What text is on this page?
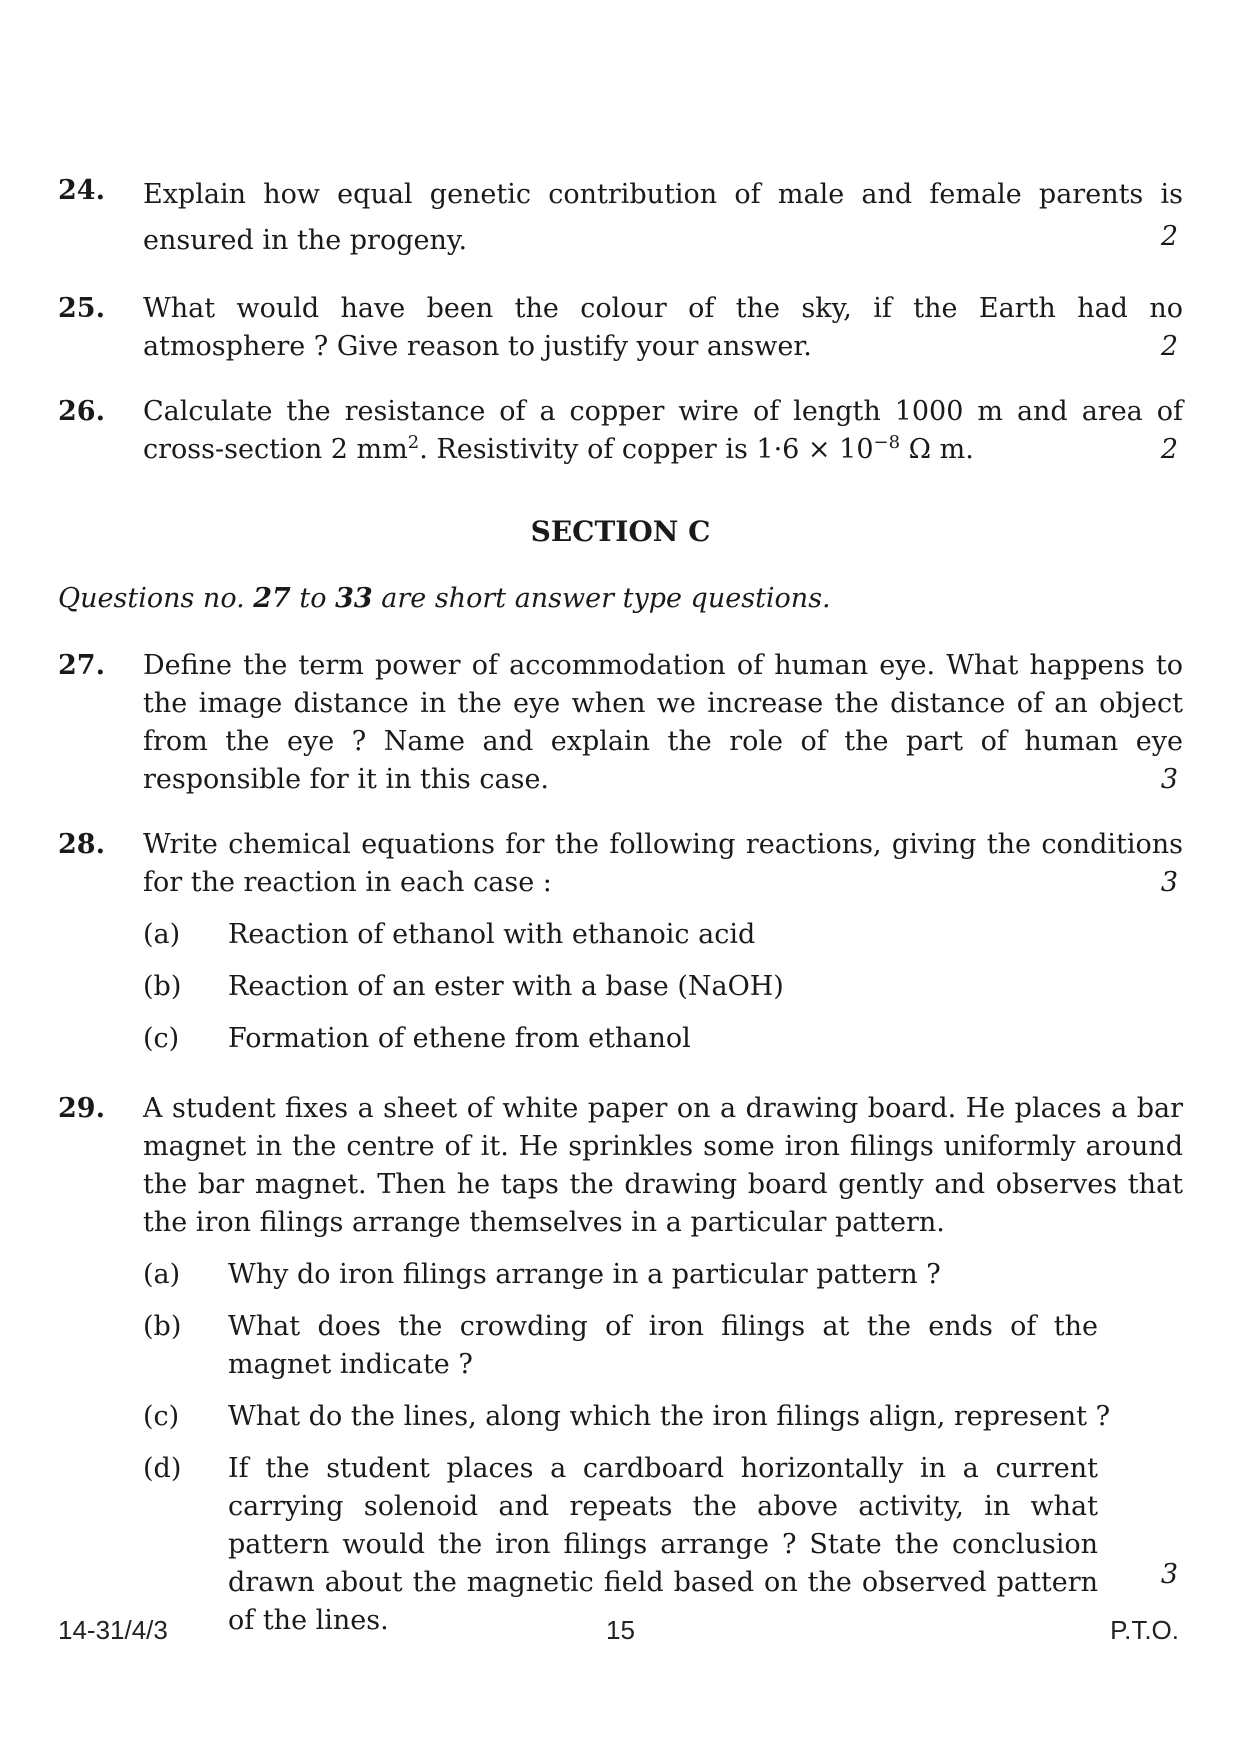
24. Explain how equal genetic contribution of male and female parents is ensured in the progeny.	2
25. What would have been the colour of the sky, if the Earth had no atmosphere ? Give reason to justify your answer.	2
26. Calculate the resistance of a copper wire of length 1000 m and area of cross-section 2 $mm^2$. Resistivity of copper is $1\cdot 6 \times 10^{-8}$ Ω m.	2
SECTION C
Questions no. 27 to 33 are short answer type questions.
27. Define the term power of accommodation of human eye. What happens to the image distance in the eye when we increase the distance of an object from the eye ? Name and explain the role of the part of human eye responsible for it in this case.	3
28. Write chemical equations for the following reactions, giving the conditions for the reaction in each case :	3
(a)	Reaction of ethanol with ethanoic acid
(b)	Reaction of an ester with a base (NaOH)
(c)	Formation of ethene from ethanol
29. A student fixes a sheet of white paper on a drawing board. He places a bar magnet in the centre of it. He sprinkles some iron filings uniformly around the bar magnet. Then he taps the drawing board gently and observes that the iron filings arrange themselves in a particular pattern.
(a)	Why do iron filings arrange in a particular pattern ?
(b)	What does the crowding of iron filings at the ends of the magnet indicate ?
(c)	What do the lines, along which the iron filings align, represent ?
(d)	If the student places a cardboard horizontally in a current carrying solenoid and repeats the above activity, in what pattern would the iron filings arrange ? State the conclusion drawn about the magnetic field based on the observed pattern of the lines.
3
14-31/4/3	15	P.T.O.
